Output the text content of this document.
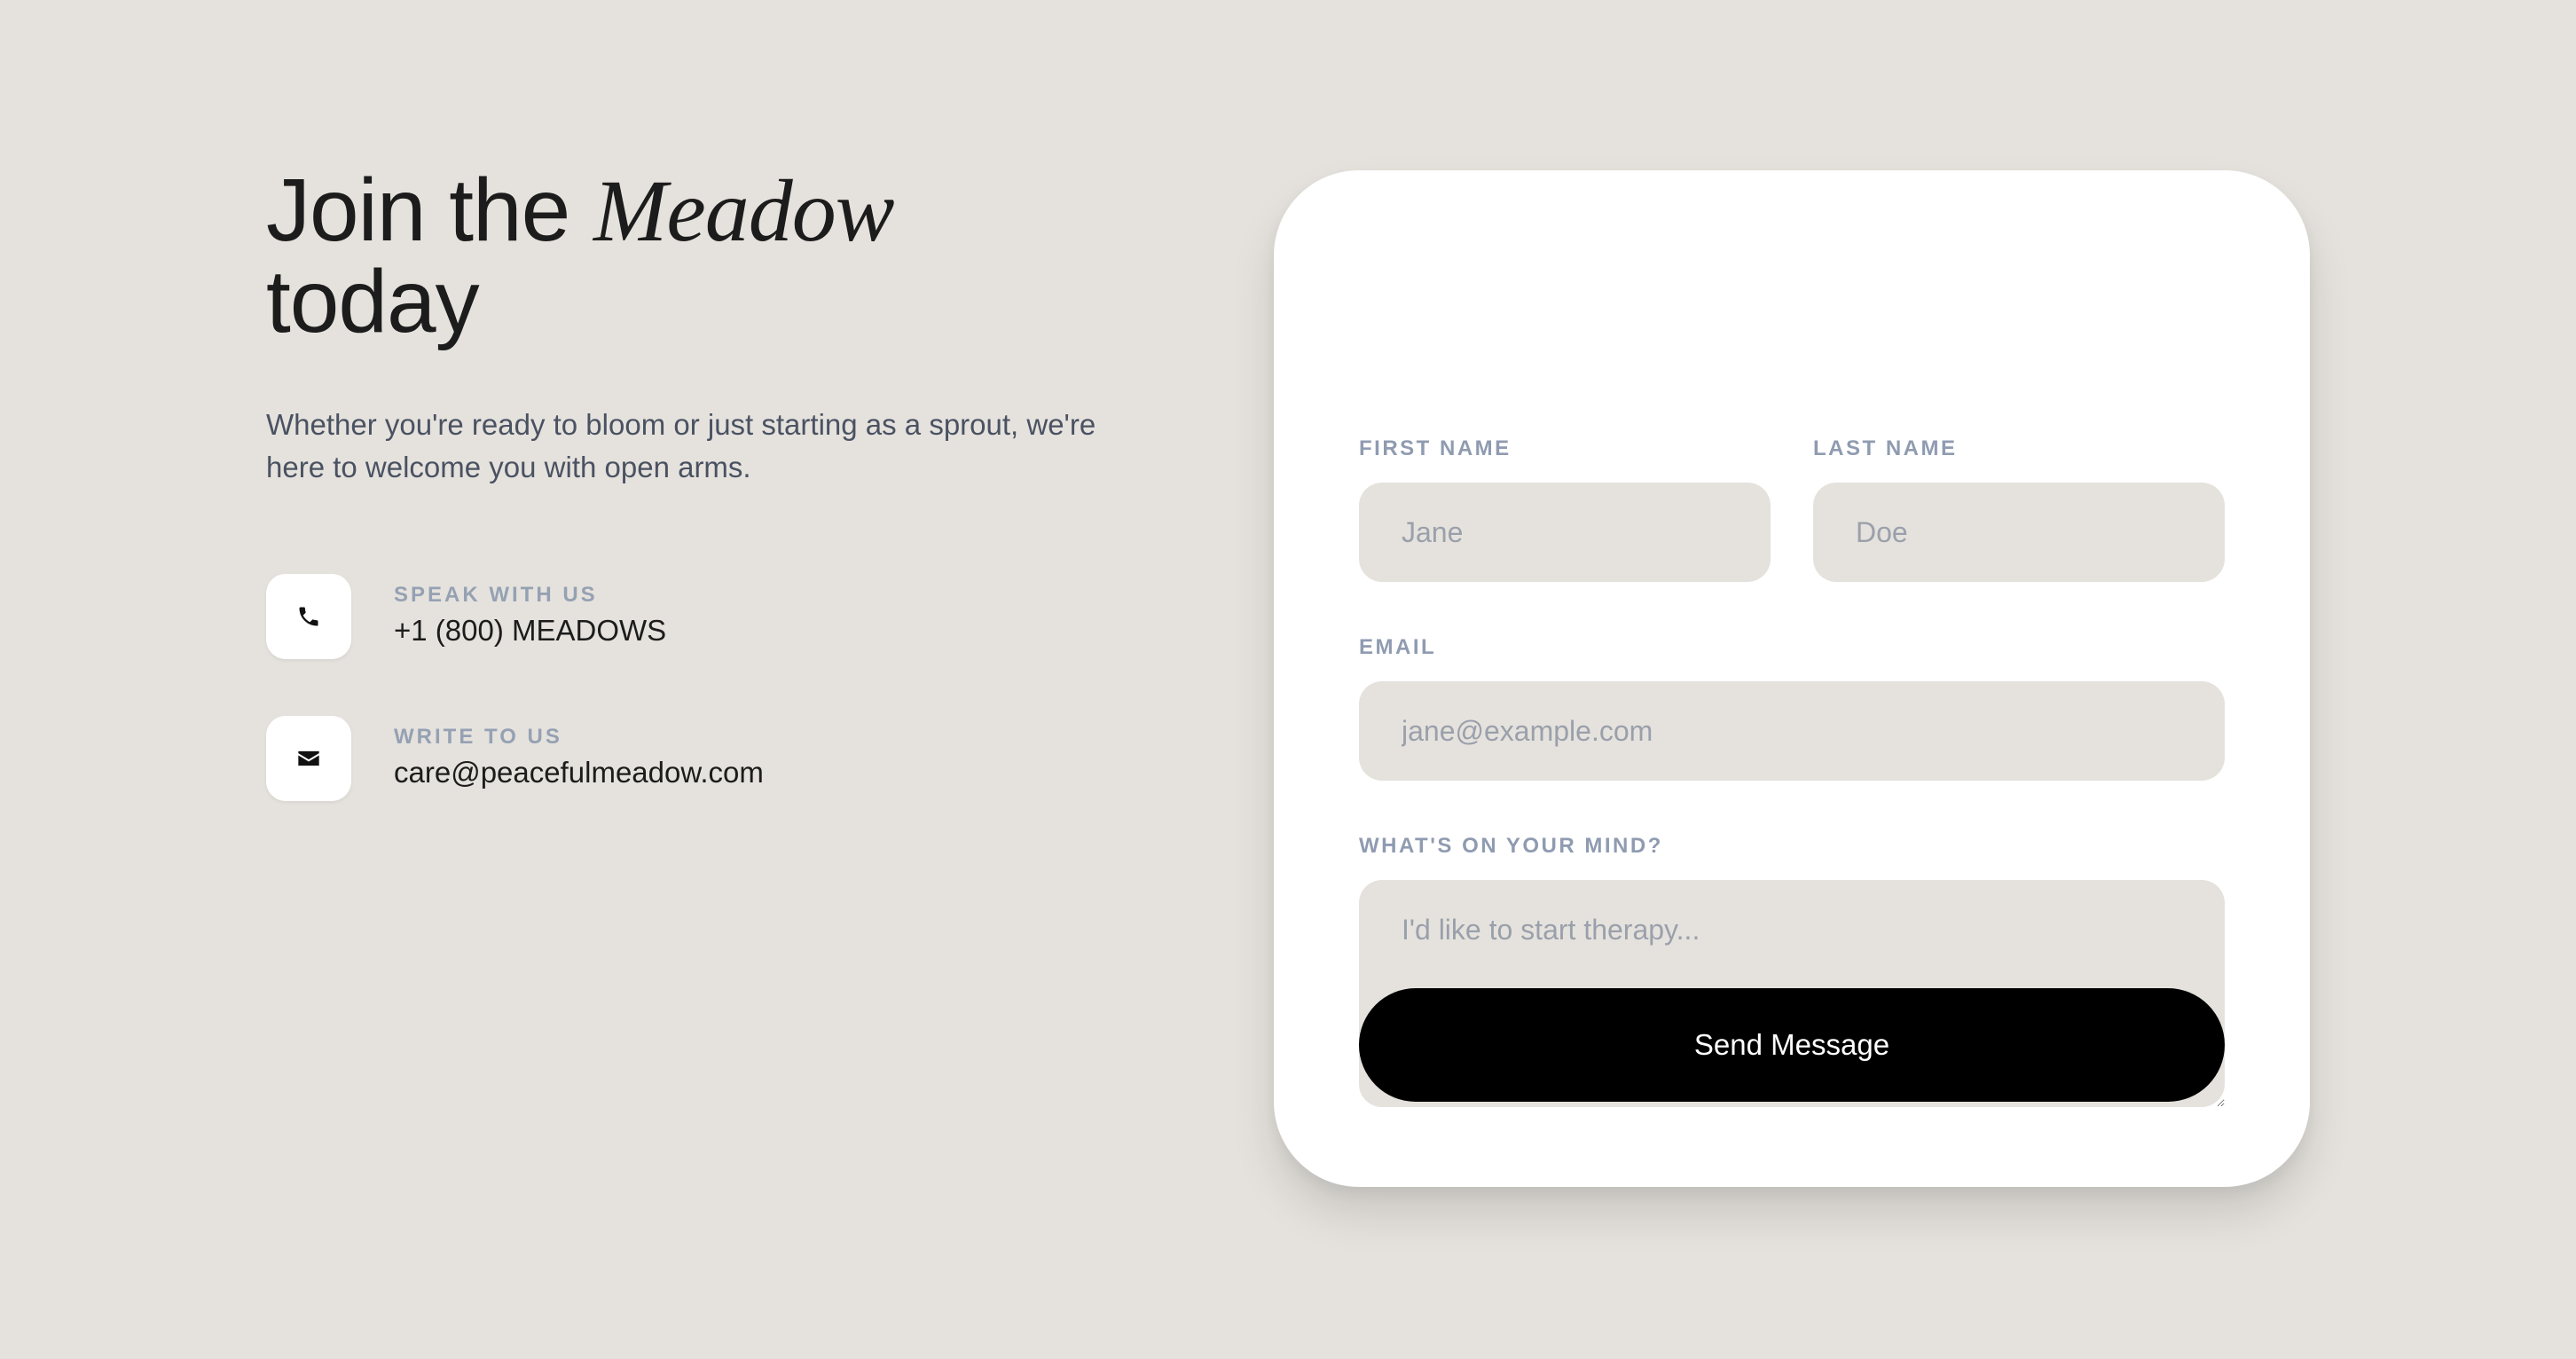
Join the Meadow
today

Whether you're ready to bloom or just starting as a sprout, we're here to welcome you with open arms.

SPEAK WITH US
+1 (800) MEADOWS
WRITE TO US
care@peacefulmeadow.com
FIRST NAME
Jane	LAST NAME
Doe
EMAIL
jane@example.com
WHAT'S ON YOUR MIND?
I'd like to start therapy...
Send Message
